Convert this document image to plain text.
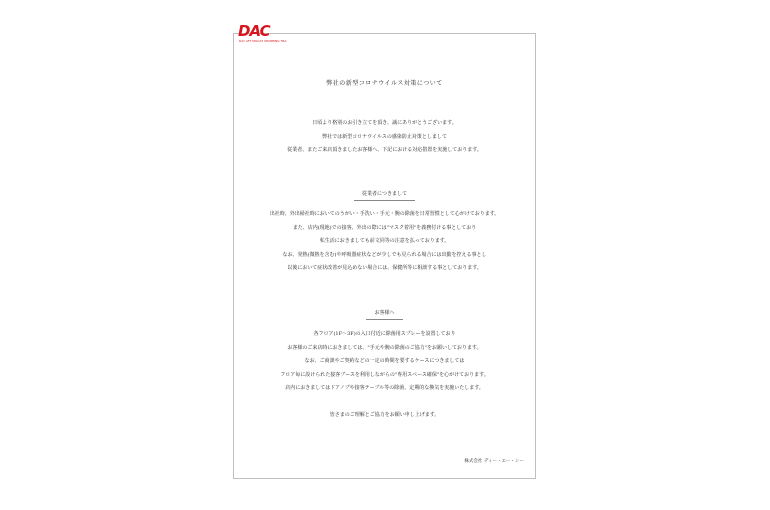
DAC
DAY AFT MOCAT SHOPPING TRA
弊社の新型コロナウイルス対策について
日頃より格別のお引き立てを頂き、誠にありがとうございます。
弊社では新型コロナウイルスの感染防止対策としまして
従業者、またご来店頂きましたお客様へ、下記における対応措置を実施しております。
従業者につきまして
出社時、外出帰社時においてのうがい・手洗い・手元・腕の除菌を日常習慣として心がけております。
また、店内(現地)での接客、外出の際には"マスク着用"を義務付ける事としており
私生活におきましても前文同等の注意を払っております。
なお、発熱(微熱を含む)や呼吸器症状などが少しでも見られる場合には出勤を控える事とし
以後において症状改善が見込めない場合には、保健所等に相談する事としております。
お客様へ
各フロア(1F〜3F)の入口付近に除菌用スプレーを設置しており
お客様のご来店時におきましては、"手元や腕の除菌のご協力"をお願いしております。
なお、ご商談やご契約などの一定の時間を要するケースにつきましては
フロア毎に設けられた接客ブースを利用しながらの"専用スペース確保"を心がけております。
店内におきましてはドアノブや接客テーブル等の除菌、定期的な換気を実施いたします。
皆さまのご理解とご協力をお願い申し上げます。
株式会社 ディー・エー・シー
